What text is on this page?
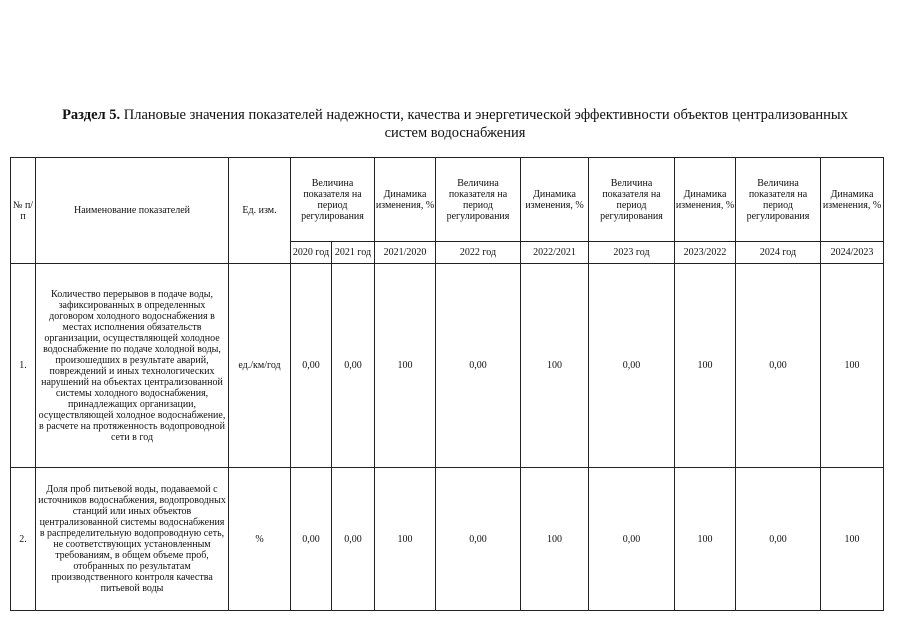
Раздел 5. Плановые значения показателей надежности, качества и энергетической эффективности объектов централизованных
систем водоснабжения
№ п/п	Наименование показателей	Ед. изм.	Величина показателя на период регулирования		Динамика изменения, %	Величина показателя на период регулирования	Динамика изменения, %	Величина показателя на период регулирования	Динамика изменения, %	Величина показателя на период регулирования	Динамика изменения, %
			2020 год	2021 год	2021/2020	2022 год	2022/2021	2023 год	2023/2022	2024 год	2024/2023
1.	Количество перерывов в подаче воды, зафиксированных в определенных договором холодного водоснабжения в местах исполнения обязательств организации, осуществляющей холодное водоснабжение по подаче холодной воды, произошедших в результате аварий, повреждений и иных технологических нарушений на объектах централизованной системы холодного водоснабжения, принадлежащих организации, осуществляющей холодное водоснабжение, в расчете на протяженность водопроводной сети в год	ед./км/год	0,00	0,00	100	0,00	100	0,00	100	0,00	100
2.	Доля проб питьевой воды, подаваемой с источников водоснабжения, водопроводных станций или иных объектов централизованной системы водоснабжения в распределительную водопроводную сеть, не соответствующих установленным требованиям, в общем объеме проб, отобранных по результатам производственного контроля качества питьевой воды	%	0,00	0,00	100	0,00	100	0,00	100	0,00	100
